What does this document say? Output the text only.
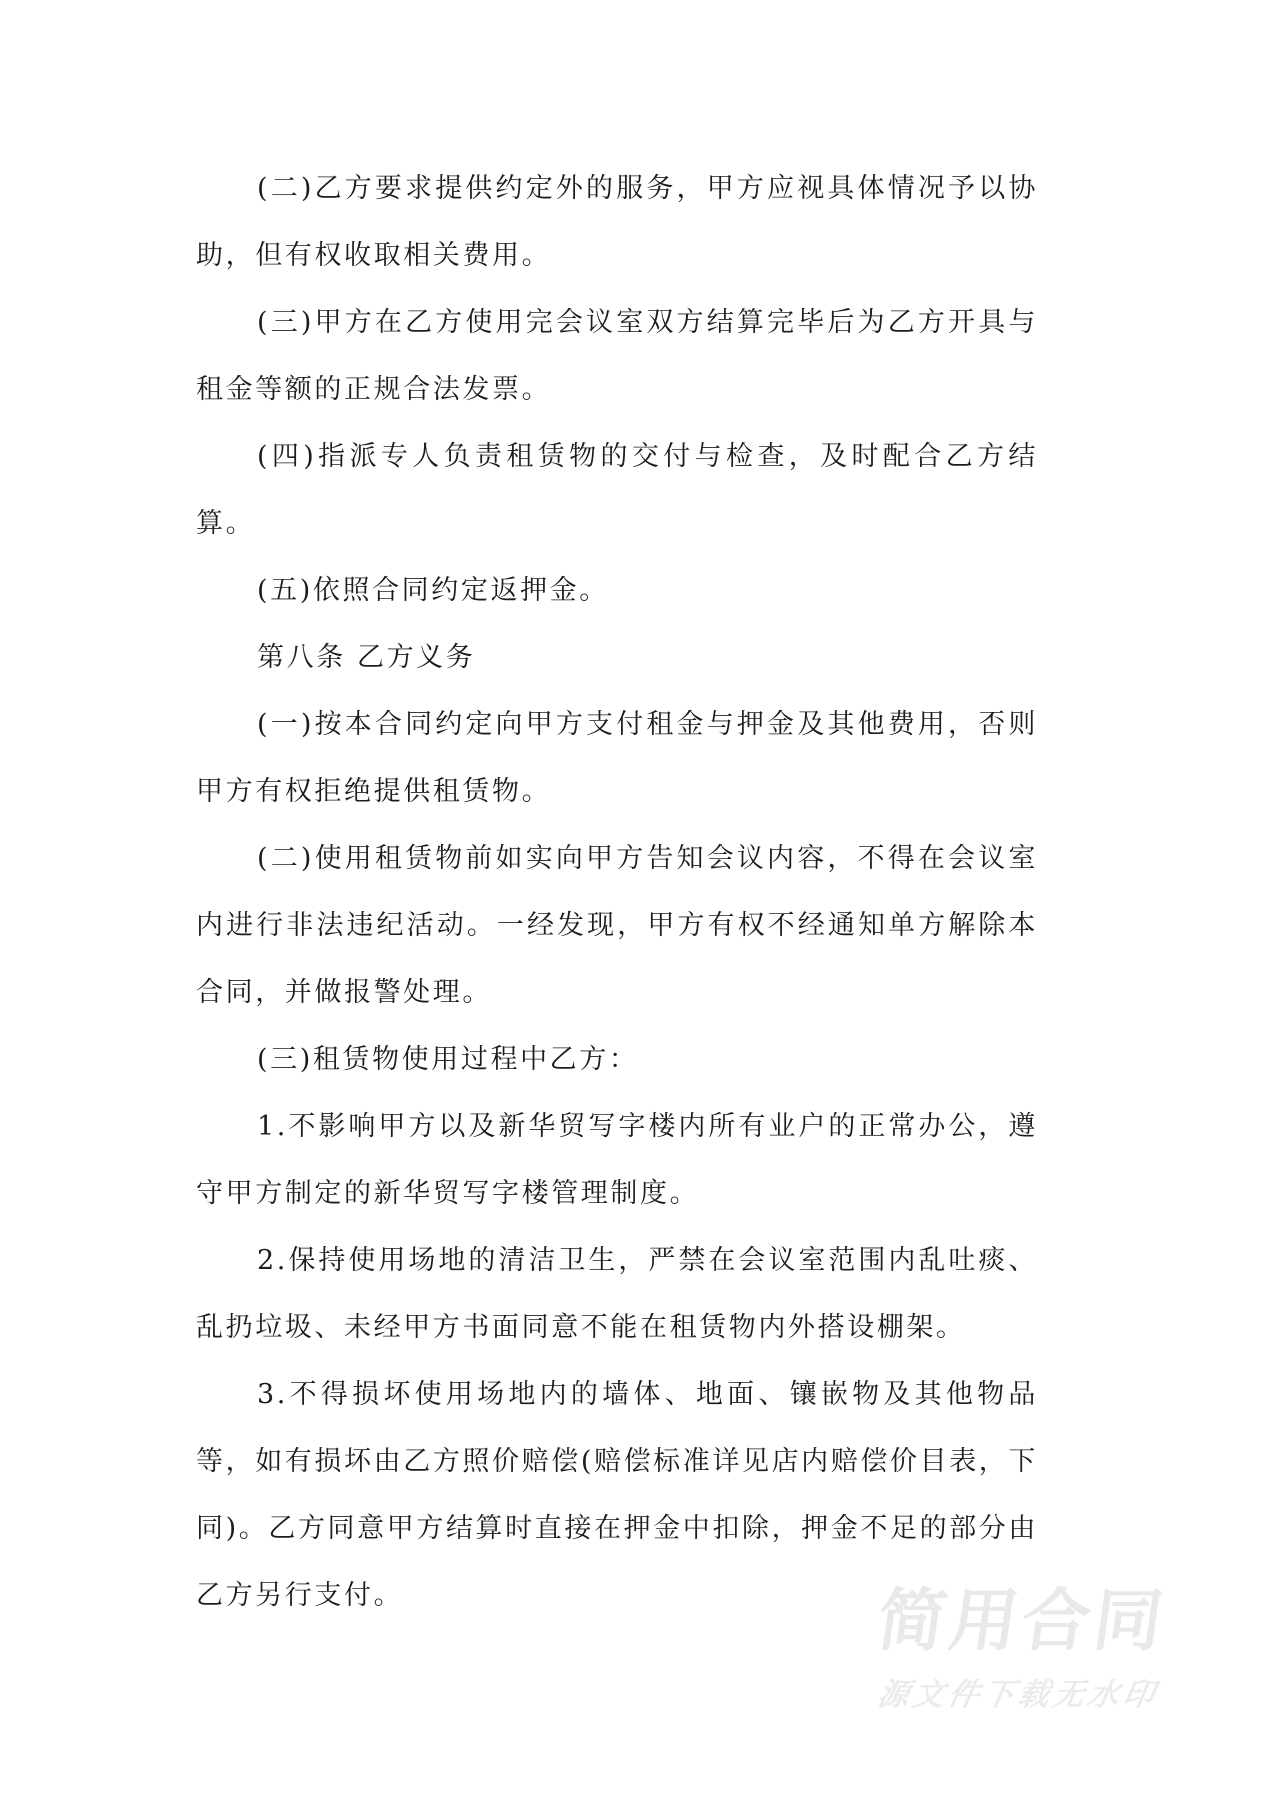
(二)乙方要求提供约定外的服务，甲方应视具体情况予以协助，但有权收取相关费用。

(三)甲方在乙方使用完会议室双方结算完毕后为乙方开具与租金等额的正规合法发票。

(四)指派专人负责租赁物的交付与检查，及时配合乙方结算。

(五)依照合同约定返押金。

第八条 乙方义务

(一)按本合同约定向甲方支付租金与押金及其他费用，否则甲方有权拒绝提供租赁物。

(二)使用租赁物前如实向甲方告知会议内容，不得在会议室内进行非法违纪活动。一经发现，甲方有权不经通知单方解除本合同，并做报警处理。

(三)租赁物使用过程中乙方：

1.不影响甲方以及新华贸写字楼内所有业户的正常办公，遵守甲方制定的新华贸写字楼管理制度。

2.保持使用场地的清洁卫生，严禁在会议室范围内乱吐痰、乱扔垃圾、未经甲方书面同意不能在租赁物内外搭设棚架。

3.不得损坏使用场地内的墙体、地面、镶嵌物及其他物品等，如有损坏由乙方照价赔偿(赔偿标准详见店内赔偿价目表，下同)。乙方同意甲方结算时直接在押金中扣除，押金不足的部分由乙方另行支付。	简用合同
源文件下载无水印
